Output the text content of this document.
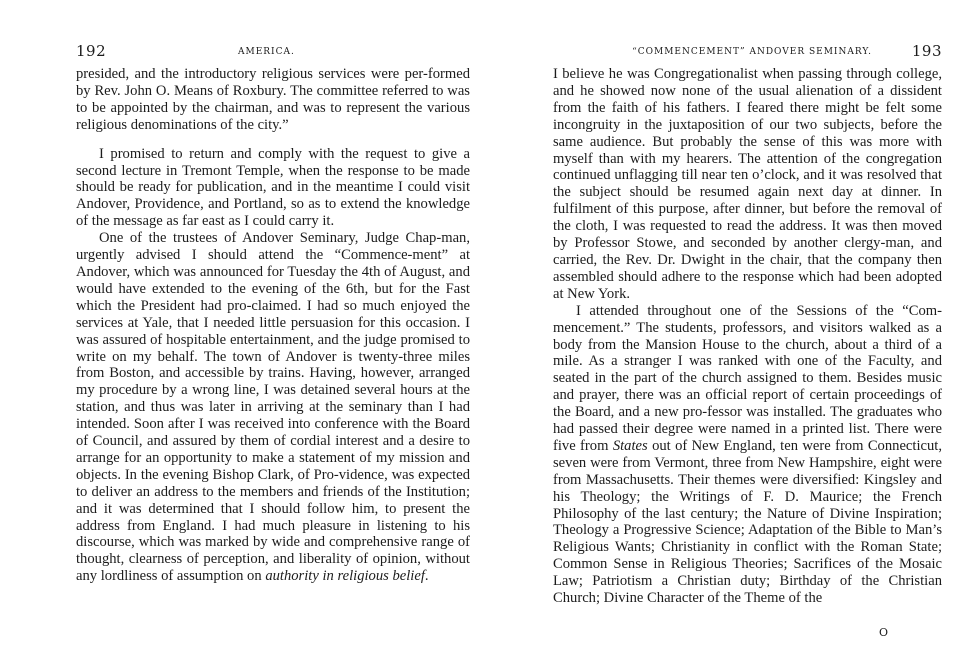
192	AMERICA.

presided, and the introductory religious services were per-formed by Rev. John O. Means of Roxbury. The committee referred to was to be appointed by the chairman, and was to represent the various religious denominations of the city.”

I promised to return and comply with the request to give a second lecture in Tremont Temple, when the response to be made should be ready for publication, and in the meantime I could visit Andover, Providence, and Portland, so as to extend the knowledge of the message as far east as I could carry it.

One of the trustees of Andover Seminary, Judge Chap-man, urgently advised I should attend the “Commence-ment” at Andover, which was announced for Tuesday the 4th of August, and would have extended to the evening of the 6th, but for the Fast which the President had pro-claimed. I had so much enjoyed the services at Yale, that I needed little persuasion for this occasion. I was assured of hospitable entertainment, and the judge promised to write on my behalf. The town of Andover is twenty-three miles from Boston, and accessible by trains. Having, however, arranged my procedure by a wrong line, I was detained several hours at the station, and thus was later in arriving at the seminary than I had intended. Soon after I was received into conference with the Board of Council, and assured by them of cordial interest and a desire to arrange for an opportunity to make a statement of my mission and objects. In the evening Bishop Clark, of Pro-vidence, was expected to deliver an address to the members and friends of the Institution; and it was determined that I should follow him, to present the address from England. I had much pleasure in listening to his discourse, which was marked by wide and comprehensive range of thought, clearness of perception, and liberality of opinion, without any lordliness of assumption on authority in religious belief.

“COMMENCEMENT” ANDOVER SEMINARY.	193

I believe he was Congregationalist when passing through college, and he showed now none of the usual alienation of a dissident from the faith of his fathers. I feared there might be felt some incongruity in the juxtaposition of our two subjects, before the same audience. But probably the sense of this was more with myself than with my hearers. The attention of the congregation continued unflagging till near ten o’clock, and it was resolved that the subject should be resumed again next day at dinner. In fulfilment of this purpose, after dinner, but before the removal of the cloth, I was requested to read the address. It was then moved by Professor Stowe, and seconded by another clergy-man, and carried, the Rev. Dr. Dwight in the chair, that the company then assembled should adhere to the response which had been adopted at New York.

I attended throughout one of the Sessions of the “Com-mencement.” The students, professors, and visitors walked as a body from the Mansion House to the church, about a third of a mile. As a stranger I was ranked with one of the Faculty, and seated in the part of the church assigned to them. Besides music and prayer, there was an official report of certain proceedings of the Board, and a new pro-fessor was installed. The graduates who had passed their degree were named in a printed list. There were five from States out of New England, ten were from Connecticut, seven were from Vermont, three from New Hampshire, eight were from Massachusetts. Their themes were diversified: Kingsley and his Theology; the Writings of F. D. Maurice; the French Philosophy of the last century; the Nature of Divine Inspiration; Theology a Progressive Science; Adaptation of the Bible to Man’s Religious Wants; Christianity in conflict with the Roman State; Common Sense in Religious Theories; Sacrifices of the Mosaic Law; Patriotism a Christian duty; Birthday of the Christian Church; Divine Character of the Theme of the

O
